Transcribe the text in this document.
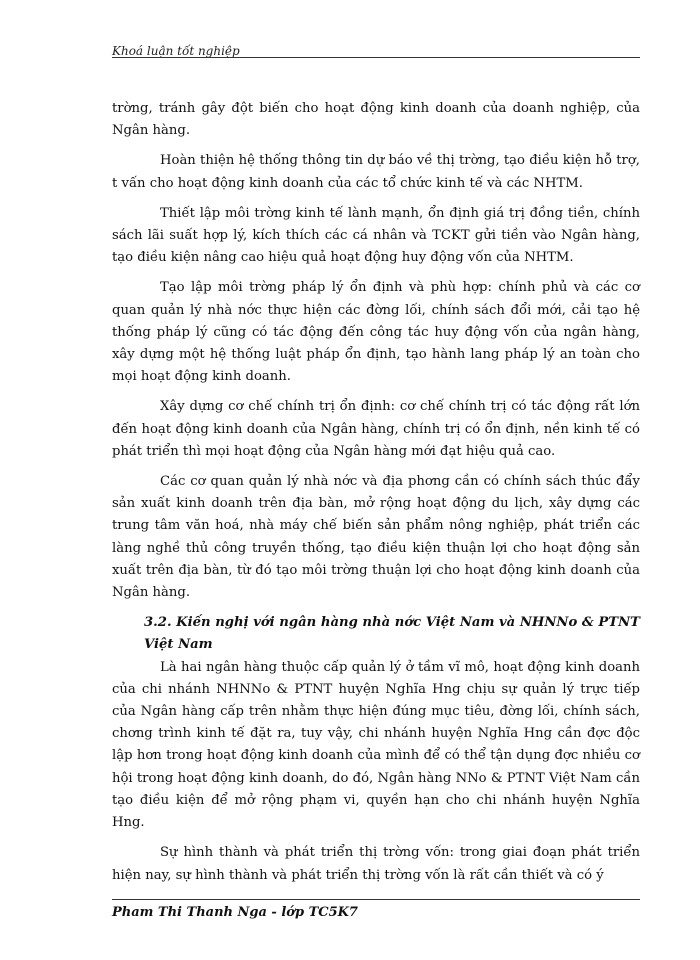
Khoá luận tốt nghiệp

trờng, tránh gây đột biến cho hoạt động kinh doanh của doanh nghiệp, của Ngân hàng.

Hoàn thiện hệ thống thông tin dự báo về thị trờng, tạo điều kiện hỗ trợ, t vấn cho hoạt động kinh doanh của các tổ chức kinh tế và các NHTM.

Thiết lập môi trờng kinh tế lành mạnh, ổn định giá trị đồng tiền, chính sách lãi suất hợp lý, kích thích các cá nhân và TCKT gửi tiền vào Ngân hàng, tạo điều kiện nâng cao hiệu quả hoạt động huy động vốn của NHTM.

Tạo lập môi trờng pháp lý ổn định và phù hợp: chính phủ và các cơ quan quản lý nhà nớc thực hiện các đờng lối, chính sách đổi mới, cải tạo hệ thống pháp lý cũng có tác động đến công tác huy động vốn của ngân hàng, xây dựng một hệ thống luật pháp ổn định, tạo hành lang pháp lý an toàn cho mọi hoạt động kinh doanh.

Xây dựng cơ chế chính trị ổn định: cơ chế chính trị có tác động rất lớn đến hoạt động kinh doanh của Ngân hàng, chính trị có ổn định, nền kinh tế có phát triển thì mọi hoạt động của Ngân hàng mới đạt hiệu quả cao.

Các cơ quan quản lý nhà nớc và địa phơng cần có chính sách thúc đẩy sản xuất kinh doanh trên địa bàn, mở rộng hoạt động du lịch, xây dựng các trung tâm văn hoá, nhà máy chế biến sản phẩm nông nghiệp, phát triển các làng nghề thủ công truyền thống, tạo điều kiện thuận lợi cho hoạt động sản xuất trên địa bàn, từ đó tạo môi trờng thuận lợi cho hoạt động kinh doanh của Ngân hàng.

3.2. Kiến nghị với ngân hàng nhà nớc Việt Nam và NHNNo & PTNT Việt Nam

Là hai ngân hàng thuộc cấp quản lý ở tầm vĩ mô, hoạt động kinh doanh của chi nhánh NHNNo & PTNT huyện Nghĩa Hng chịu sự quản lý trực tiếp của Ngân hàng cấp trên nhằm thực hiện đúng mục tiêu, đờng lối, chính sách, chơng trình kinh tế đặt ra, tuy vậy, chi nhánh huyện Nghĩa Hng cần đợc độc lập hơn trong hoạt động kinh doanh của mình để có thể tận dụng đợc nhiều cơ hội trong hoạt động kinh doanh, do đó, Ngân hàng NNo & PTNT Việt Nam cần tạo điều kiện để mở rộng phạm vi, quyền hạn cho chi nhánh huyện Nghĩa Hng.

Sự hình thành và phát triển thị trờng vốn: trong giai đoạn phát triển hiện nay, sự hình thành và phát triển thị trờng vốn là rất cần thiết và có ý

Pham Thi Thanh Nga - lớp TC5K7
